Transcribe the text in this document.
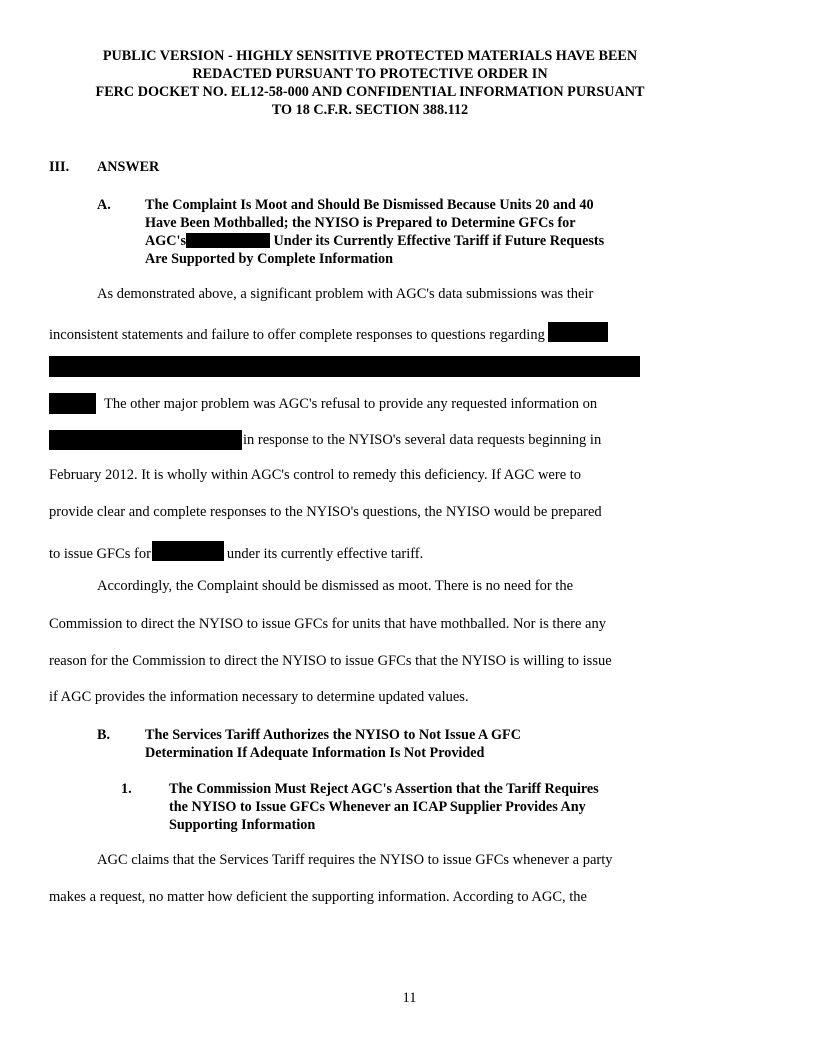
PUBLIC VERSION - HIGHLY SENSITIVE PROTECTED MATERIALS HAVE BEEN
REDACTED PURSUANT TO PROTECTIVE ORDER IN
FERC DOCKET NO. EL12-58-000 AND CONFIDENTIAL INFORMATION PURSUANT
TO 18 C.F.R. SECTION 388.112
III. ANSWER
A. The Complaint Is Moot and Should Be Dismissed Because Units 20 and 40
Have Been Mothballed; the NYISO is Prepared to Determine GFCs for
AGC's	Under its Currently Effective Tariff if Future Requests
Are Supported by Complete Information
As demonstrated above, a significant problem with AGC's data submissions was their
inconsistent statements and failure to offer complete responses to questions regarding
The other major problem was AGC's refusal to provide any requested information on
in response to the NYISO's several data requests beginning in
February 2012. It is wholly within AGC's control to remedy this deficiency. If AGC were to
provide clear and complete responses to the NYISO's questions, the NYISO would be prepared
to issue GFCs for	under its currently effective tariff.
Accordingly, the Complaint should be dismissed as moot. There is no need for the
Commission to direct the NYISO to issue GFCs for units that have mothballed. Nor is there any
reason for the Commission to direct the NYISO to issue GFCs that the NYISO is willing to issue
if AGC provides the information necessary to determine updated values.
B. The Services Tariff Authorizes the NYISO to Not Issue A GFC
Determination If Adequate Information Is Not Provided
1.	The Commission Must Reject AGC's Assertion that the Tariff Requires
the NYISO to Issue GFCs Whenever an ICAP Supplier Provides Any
Supporting Information
AGC claims that the Services Tariff requires the NYISO to issue GFCs whenever a party
makes a request, no matter how deficient the supporting information. According to AGC, the
11
